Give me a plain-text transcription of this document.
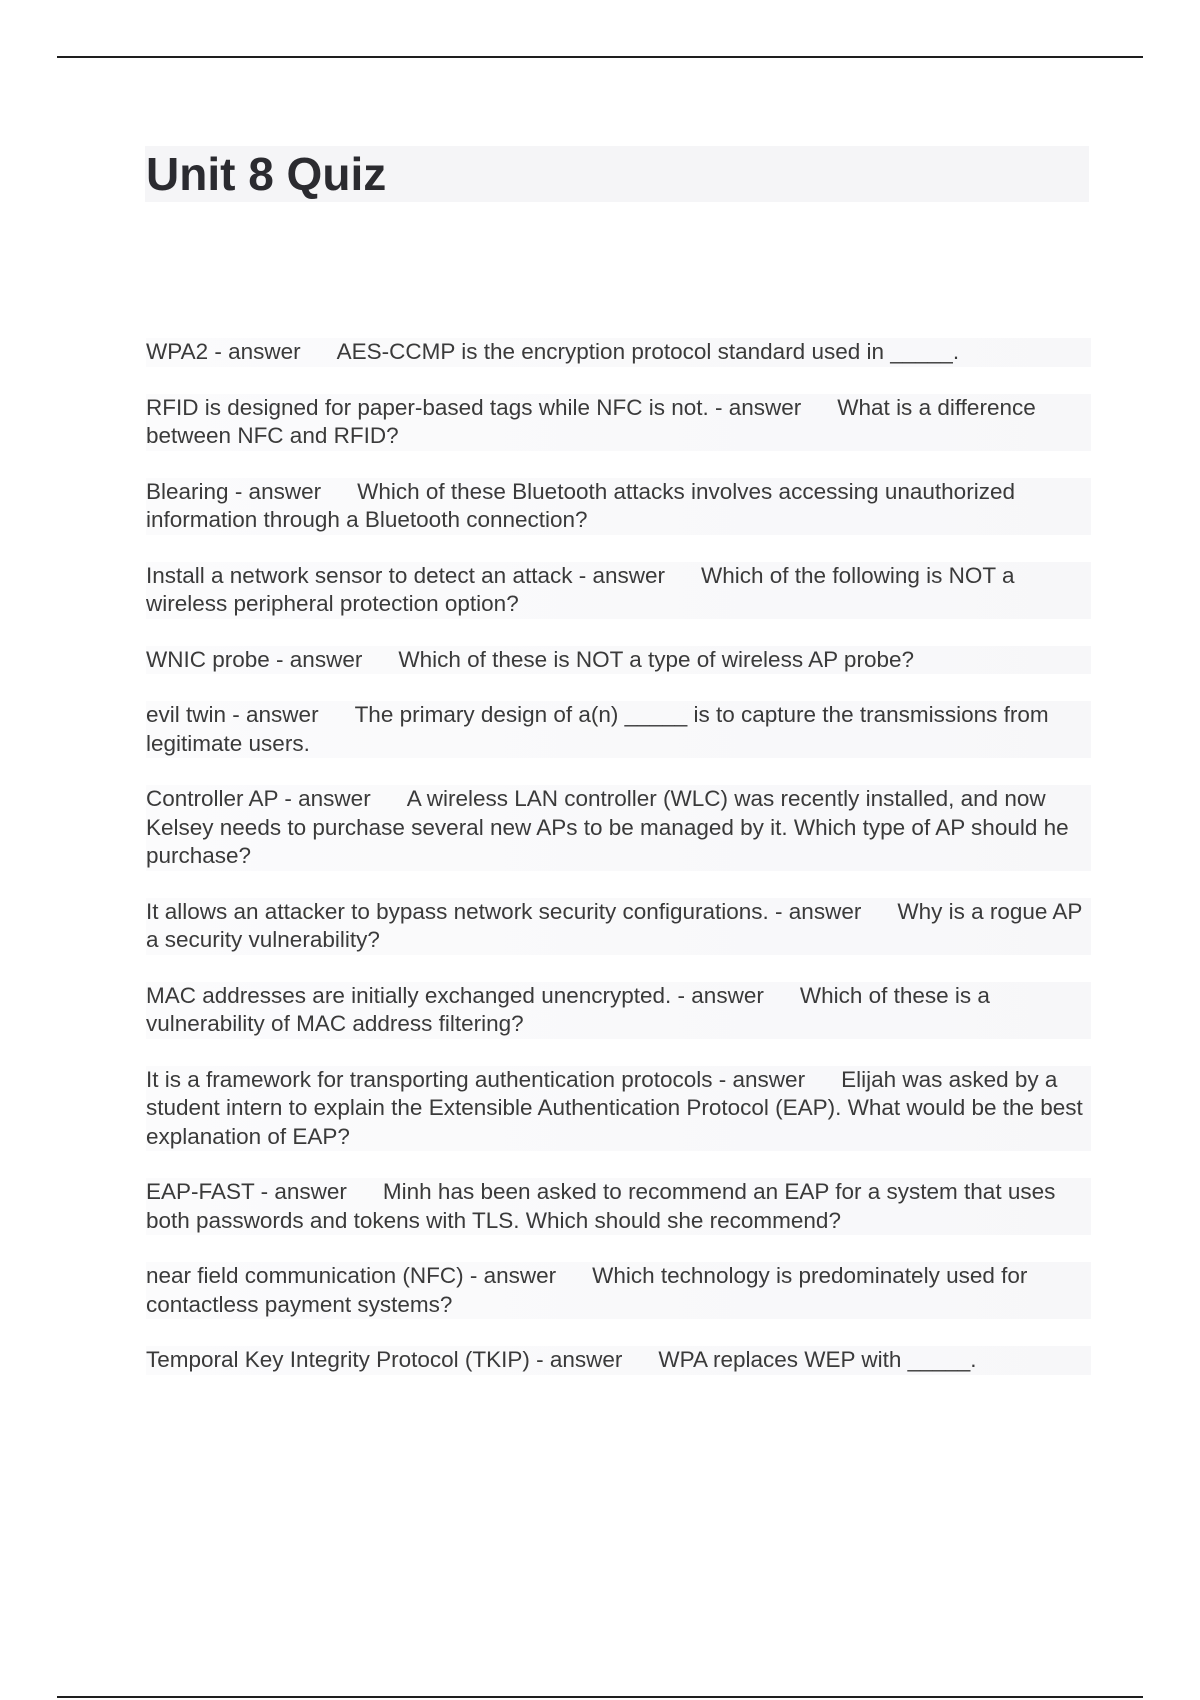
Unit 8 Quiz
WPA2 - answer AES-CCMP is the encryption protocol standard used in _____.
RFID is designed for paper-based tags while NFC is not. - answer What is a difference between NFC and RFID?
Blearing - answer Which of these Bluetooth attacks involves accessing unauthorized information through a Bluetooth connection?
Install a network sensor to detect an attack - answer Which of the following is NOT a wireless peripheral protection option?
WNIC probe - answer Which of these is NOT a type of wireless AP probe?
evil twin - answer The primary design of a(n) _____ is to capture the transmissions from legitimate users.
Controller AP - answer A wireless LAN controller (WLC) was recently installed, and now Kelsey needs to purchase several new APs to be managed by it. Which type of AP should he purchase?
It allows an attacker to bypass network security configurations. - answer Why is a rogue AP a security vulnerability?
MAC addresses are initially exchanged unencrypted. - answer Which of these is a vulnerability of MAC address filtering?
It is a framework for transporting authentication protocols - answer Elijah was asked by a student intern to explain the Extensible Authentication Protocol (EAP). What would be the best explanation of EAP?
EAP-FAST - answer Minh has been asked to recommend an EAP for a system that uses both passwords and tokens with TLS. Which should she recommend?
near field communication (NFC) - answer Which technology is predominately used for contactless payment systems?
Temporal Key Integrity Protocol (TKIP) - answer WPA replaces WEP with _____.
